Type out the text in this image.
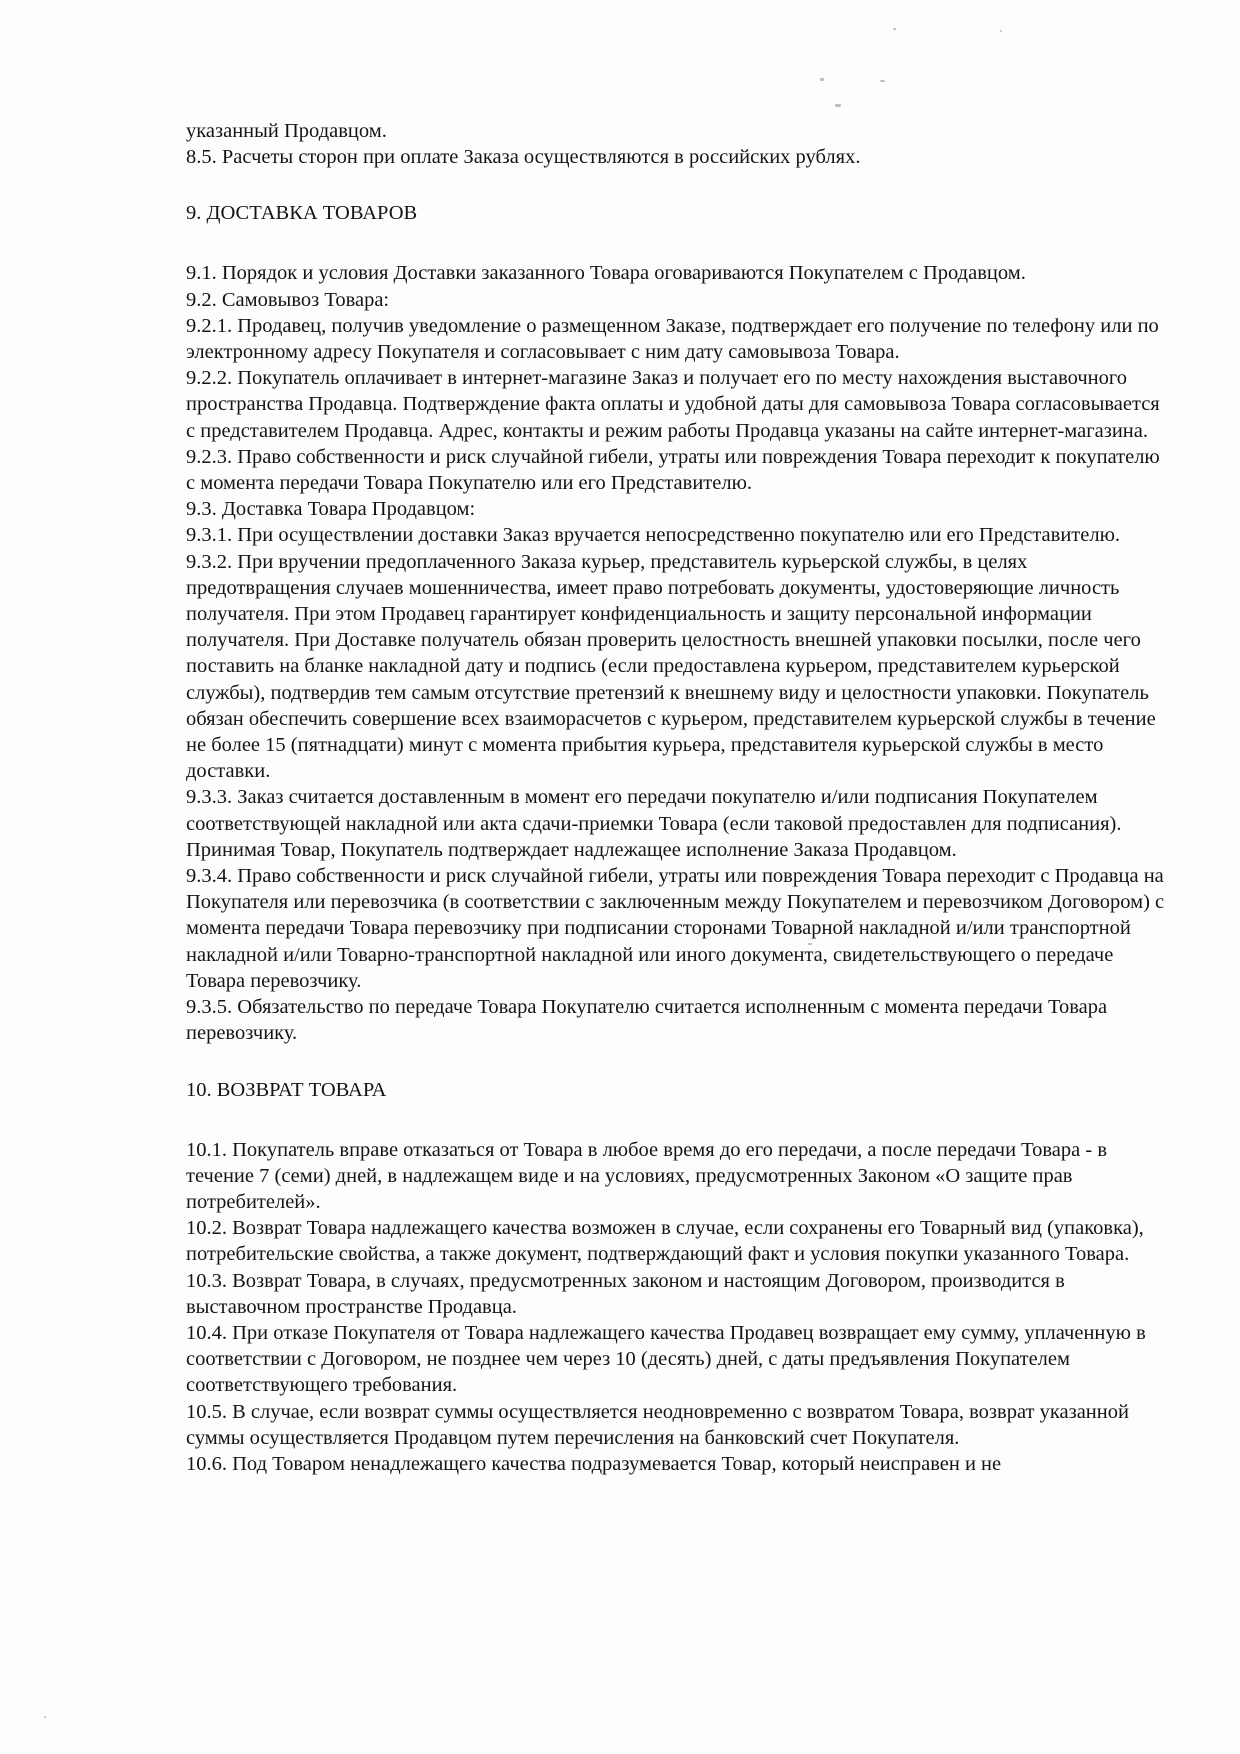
указанный Продавцом.

8.5. Расчеты сторон при оплате Заказа осуществляются в российских рублях.

9. ДОСТАВКА ТОВАРОВ

9.1. Порядок и условия Доставки заказанного Товара оговариваются Покупателем с Продавцом.

9.2. Самовывоз Товара:

9.2.1. Продавец, получив уведомление о размещенном Заказе, подтверждает его получение по телефону или по электронному адресу Покупателя и согласовывает с ним дату самовывоза Товара.

9.2.2. Покупатель оплачивает в интернет-магазине Заказ и получает его по месту нахождения выставочного пространства Продавца. Подтверждение факта оплаты и удобной даты для самовывоза Товара согласовывается с представителем Продавца. Адрес, контакты и режим работы Продавца указаны на сайте интернет-магазина.

9.2.3. Право собственности и риск случайной гибели, утраты или повреждения Товара переходит к покупателю с момента передачи Товара Покупателю или его Представителю.

9.3. Доставка Товара Продавцом:

9.3.1. При осуществлении доставки Заказ вручается непосредственно покупателю или его Представителю.

9.3.2. При вручении предоплаченного Заказа курьер, представитель курьерской службы, в целях предотвращения случаев мошенничества, имеет право потребовать документы, удостоверяющие личность получателя. При этом Продавец гарантирует конфиденциальность и защиту персональной информации получателя. При Доставке получатель обязан проверить целостность внешней упаковки посылки, после чего поставить на бланке накладной дату и подпись (если предоставлена курьером, представителем курьерской службы), подтвердив тем самым отсутствие претензий к внешнему виду и целостности упаковки. Покупатель обязан обеспечить совершение всех взаиморасчетов с курьером, представителем курьерской службы в течение не более 15 (пятнадцати) минут с момента прибытия курьера, представителя курьерской службы в место доставки.

9.3.3. Заказ считается доставленным в момент его передачи покупателю и/или подписания Покупателем соответствующей накладной или акта сдачи-приемки Товара (если таковой предоставлен для подписания). Принимая Товар, Покупатель подтверждает надлежащее исполнение Заказа Продавцом.

9.3.4. Право собственности и риск случайной гибели, утраты или повреждения Товара переходит с Продавца на Покупателя или перевозчика (в соответствии с заключенным между Покупателем и перевозчиком Договором) с момента передачи Товара перевозчику при подписании сторонами Товарной накладной и/или транспортной накладной и/или Товарно-транспортной накладной или иного документа, свидетельствующего о передаче Товара перевозчику.

9.3.5. Обязательство по передаче Товара Покупателю считается исполненным с момента передачи Товара перевозчику.

10. ВОЗВРАТ ТОВАРА

10.1. Покупатель вправе отказаться от Товара в любое время до его передачи, а после передачи Товара - в течение 7 (семи) дней, в надлежащем виде и на условиях, предусмотренных Законом «О защите прав потребителей».

10.2. Возврат Товара надлежащего качества возможен в случае, если сохранены его Товарный вид (упаковка), потребительские свойства, а также документ, подтверждающий факт и условия покупки указанного Товара.

10.3. Возврат Товара, в случаях, предусмотренных законом и настоящим Договором, производится в выставочном пространстве Продавца.

10.4. При отказе Покупателя от Товара надлежащего качества Продавец возвращает ему сумму, уплаченную в соответствии с Договором, не позднее чем через 10 (десять) дней, с даты предъявления Покупателем соответствующего требования.

10.5. В случае, если возврат суммы осуществляется неодновременно с возвратом Товара, возврат указанной суммы осуществляется Продавцом путем перечисления на банковский счет Покупателя.

10.6. Под Товаром ненадлежащего качества подразумевается Товар, который неисправен и не
